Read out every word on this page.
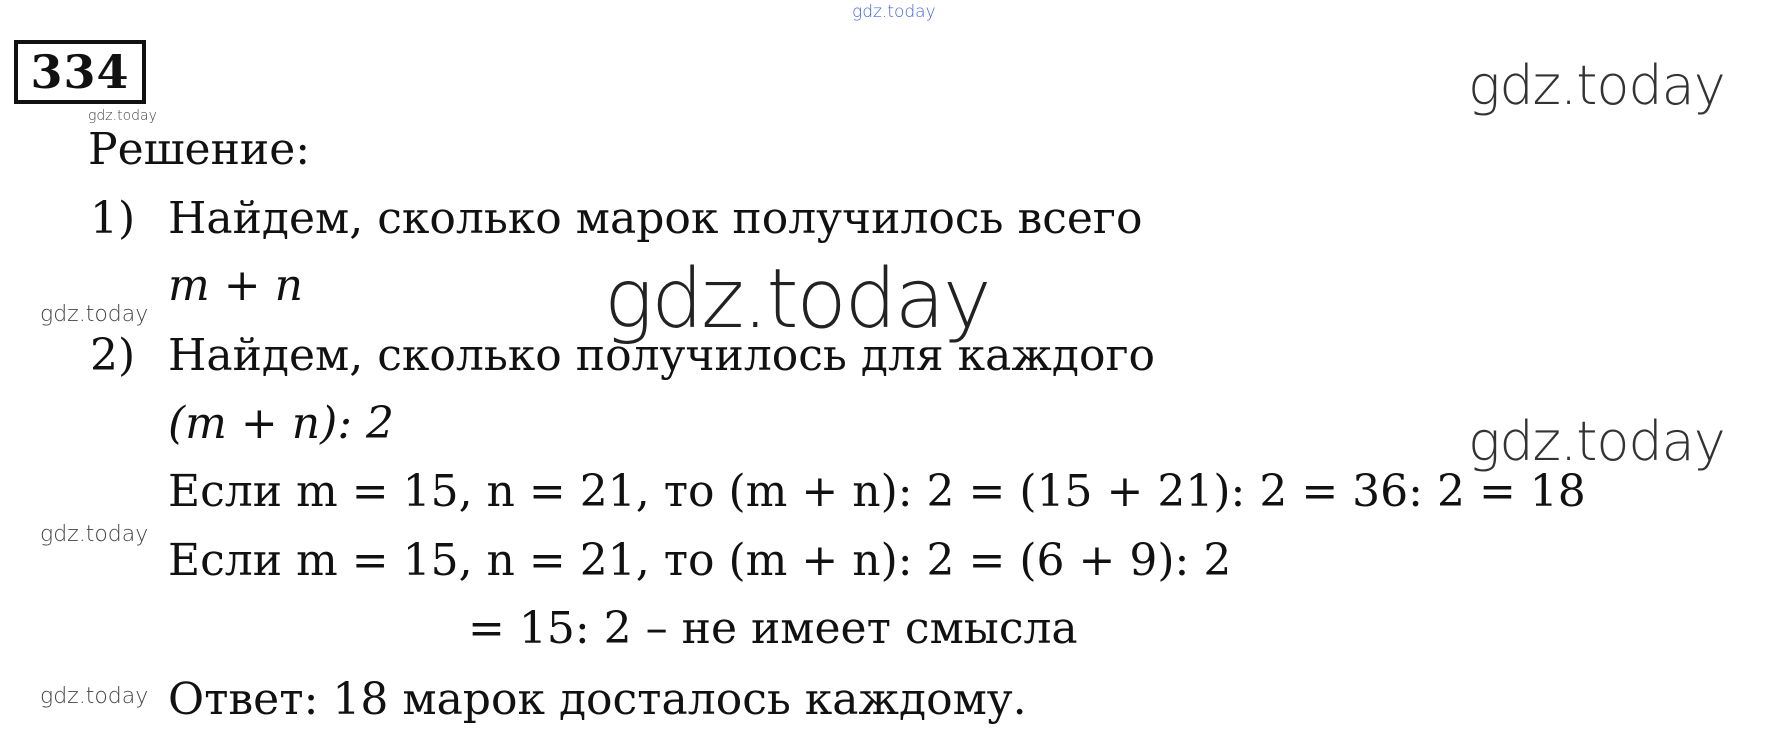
gdz.today
334
gdz.today	gdz.today
Решение:
1) Найдем, сколько марок получилось всего
m + n	gdz.today
gdz.today
2) Найдем, сколько получилось для каждого
(m + n): 2	gdz.today
Если m = 15, n = 21, то (m + n): 2 = (15 + 21): 2 = 36: 2 = 18
gdz.today
Если m = 15, n = 21, то (m + n): 2 = (6 + 9): 2
= 15: 2 – не имеет смысла
gdz.today Ответ: 18 марок досталось каждому.
